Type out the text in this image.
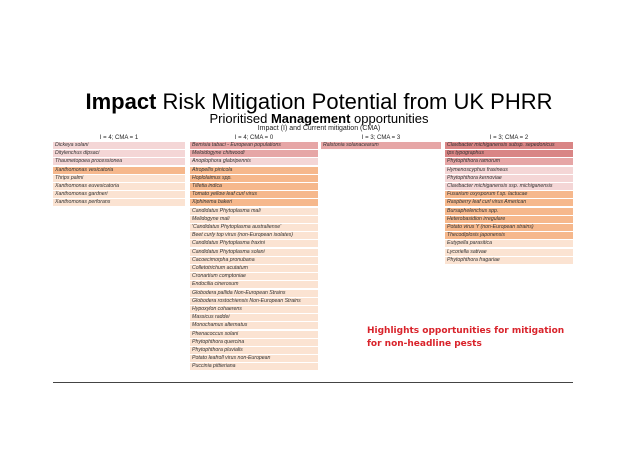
Impact Risk Mitigation Potential from UK PHRR
Prioritised Management opportunities
Impact (I) and Current mitigation (CMA)
I = 4; CMA = 1
Dickeya solani
Ditylenchus dipsaci
Thaumetopoea processionea
Xanthomonas vesicatoria
Thrips palmi
Xanthomonas euvesicatoria
Xanthomonas gardneri
Xanthomonas perforans
I = 4; CMA = 0
Bemisia tabaci - European populations
Meloidogyne chitwoodi
Anoplophora glabripennis
Atropellis pinicola
Hoplolaimus spp.
Tilletia indica
Tomato yellow leaf curl virus
Xiphinema bakeri
Candidatus Phytoplasma mali
Melidogyne mali
'Candidatus Phytoplasma australiense'
Beet curly top virus (non-European isolates)
Candidatus Phytoplasma fraxini
Candidatus Phytoplasma solani
Cacoecimorpha pronubana
Colletotrichum acutatum
Cronartium comptoniae
Endocilia cinerosum
Globodera pallida Non-European Strains
Globodera rostochiensis Non-European Strains
Hypoxylon cohaerens
Massicus raddei
Monochamus alternatus
Phenacoccus solani
Phytophthora quercina
Phytophthora pluvialis
Potato leafroll virus non-European
Puccinia pittieriana
I = 3; CMA = 3
Ralstonia solanacearum
I = 3; CMA = 2
Clavibacter michiganensis subsp. sepedonicus
Ips typographus
Phytophthora ramorum
Hymenoscyphus fraxineus
Phytophthora kernoviae
Clavibacter michiganensis ssp. michiganensis
Fusarium oxysporum f.sp. lactucae
Raspberry leaf curl virus American
Bursaphelenchus spp.
Heterobasidion irregulare
Potato virus Y (non-European strains)
Thecodiplosis japonensis
Eutypella parasitica
Lycoriella sativae
Phytophthora fragariae
Highlights opportunities for mitigation
for non-headline pests
